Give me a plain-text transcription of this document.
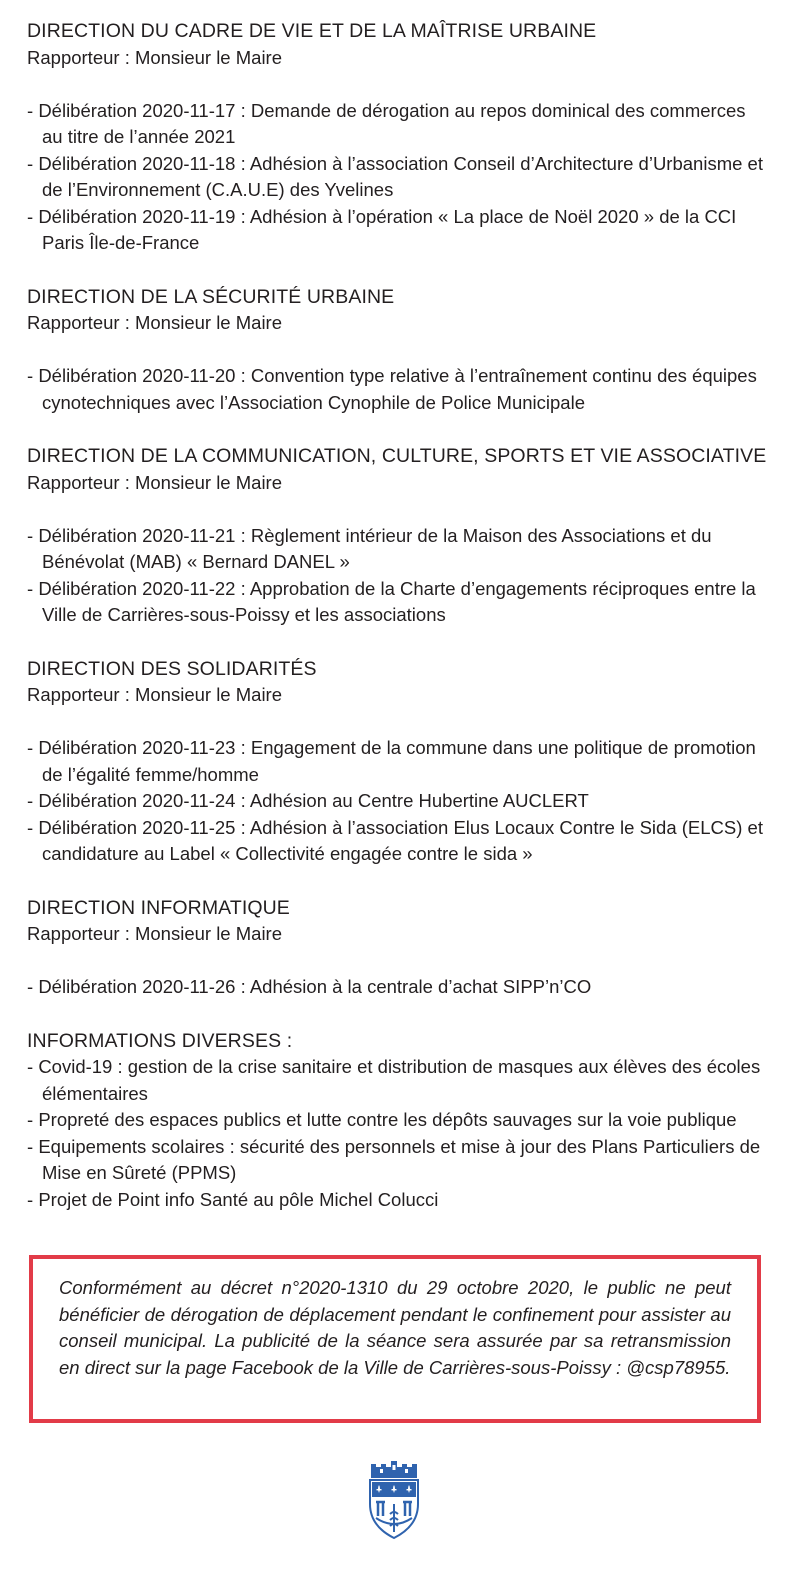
DIRECTION DU CADRE DE VIE ET DE LA MAÎTRISE URBAINE

Rapporteur : Monsieur le Maire

- Délibération 2020-11-17 : Demande de dérogation au repos dominical des commerces au titre de l’année 2021
- Délibération 2020-11-18 : Adhésion à l’association Conseil d’Architecture d’Urbanisme et de l’Environnement (C.A.U.E) des Yvelines
- Délibération 2020-11-19 : Adhésion à l’opération « La place de Noël 2020 » de la CCI Paris Île-de-France
DIRECTION DE LA SÉCURITÉ URBAINE

Rapporteur : Monsieur le Maire

- Délibération 2020-11-20 : Convention type relative à l’entraînement continu des équipes cynotechniques avec l’Association Cynophile de Police Municipale
DIRECTION DE LA COMMUNICATION, CULTURE, SPORTS ET VIE ASSOCIATIVE

Rapporteur : Monsieur le Maire

- Délibération 2020-11-21 : Règlement intérieur de la Maison des Associations et du Bénévolat (MAB) « Bernard DANEL »
- Délibération 2020-11-22 : Approbation de la Charte d’engagements réciproques entre la Ville de Carrières-sous-Poissy et les associations
DIRECTION DES SOLIDARITÉS

Rapporteur : Monsieur le Maire

- Délibération 2020-11-23 : Engagement de la commune dans une politique de promotion de l’égalité femme/homme
- Délibération 2020-11-24 : Adhésion au Centre Hubertine AUCLERT
- Délibération 2020-11-25 : Adhésion à l’association Elus Locaux Contre le Sida (ELCS) et candidature au Label « Collectivité engagée contre le sida »
DIRECTION INFORMATIQUE

Rapporteur : Monsieur le Maire

- Délibération 2020-11-26 : Adhésion à la centrale d’achat SIPP’n’CO
INFORMATIONS DIVERSES :
- Covid-19 : gestion de la crise sanitaire et distribution de masques aux élèves des écoles élémentaires
- Propreté des espaces publics et lutte contre les dépôts sauvages sur la voie publique
- Equipements scolaires : sécurité des personnels et mise à jour des Plans Particuliers de Mise en Sûreté (PPMS)
- Projet de Point info Santé au pôle Michel Colucci

Conformément au décret n°2020-1310 du 29 octobre 2020, le public ne peut bénéficier de dérogation de déplacement pendant le confinement pour assister au conseil municipal. La publicité de la séance sera assurée par sa retransmission en direct sur la page Facebook de la Ville de Carrières-sous-Poissy : @csp78955.
